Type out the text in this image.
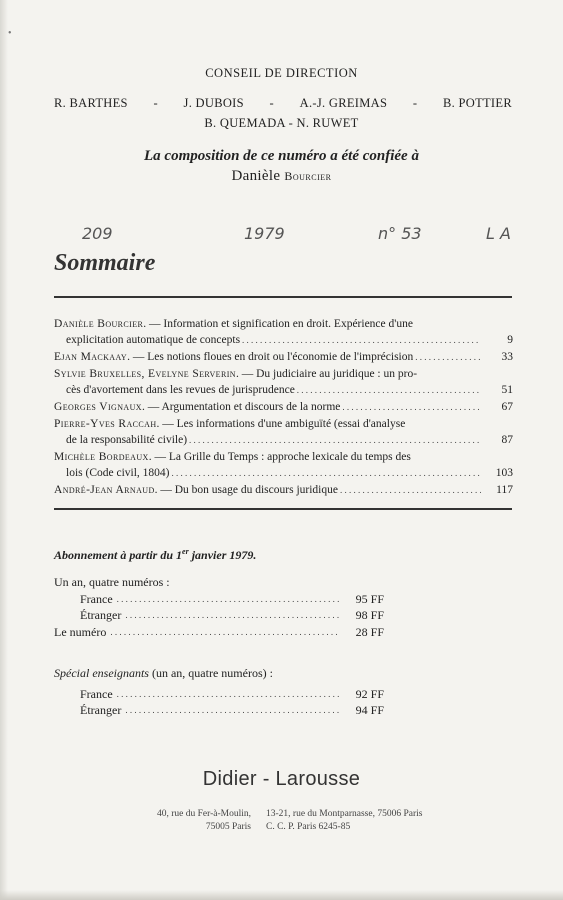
•
CONSEIL DE DIRECTION
R. BARTHES - J. DUBOIS - A.-J. GREIMAS - B. POTTIER
B. QUEMADA - N. RUWET
La composition de ce numéro a été confiée à
Danièle Bourcier
209	1979	n° 53	L A
Sommaire
Danièle Bourcier. — Information et signification en droit. Expérience d'une
explicitation automatique de concepts . . .	9
Ejan Mackaay. — Les notions floues en droit ou l'économie de l'imprécision . . .	33
Sylvie Bruxelles, Evelyne Serverin. — Du judiciaire au juridique : un pro-
cès d'avortement dans les revues de jurisprudence . . .	51
Georges Vignaux. — Argumentation et discours de la norme . . .	67
Pierre-Yves Raccah. — Les informations d'une ambiguïté (essai d'analyse
de la responsabilité civile) . . .	87
Michèle Bordeaux. — La Grille du Temps : approche lexicale du temps des
lois (Code civil, 1804) . . .	103
André-Jean Arnaud. — Du bon usage du discours juridique . . .	117
Abonnement à partir du 1er janvier 1979.
Un an, quatre numéros :
France . . .	95 FF
Étranger . . .	98 FF
Le numéro . . .	28 FF
Spécial enseignants (un an, quatre numéros) :
France . . .	92 FF
Étranger . . .	94 FF
Didier - Larousse
40, rue du Fer-à-Moulin,
75005 Paris
13-21, rue du Montparnasse, 75006 Paris
C. C. P. Paris 6245-85
